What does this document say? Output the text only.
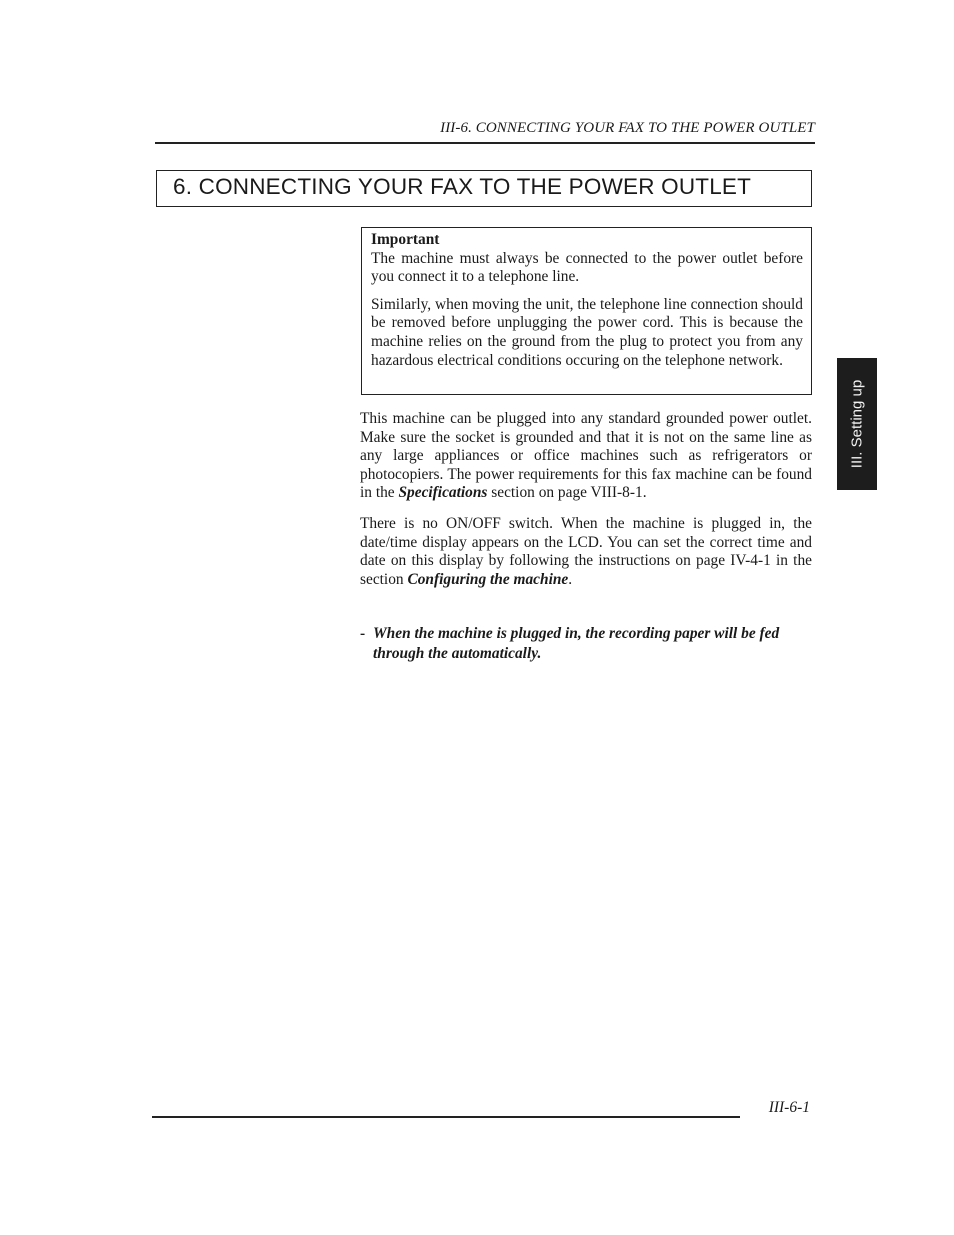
III-6. CONNECTING YOUR FAX TO THE POWER OUTLET
6. CONNECTING YOUR FAX TO THE POWER OUTLET
Important

The machine must always be connected to the power outlet before you connect it to a telephone line.

Similarly, when moving the unit, the telephone line connection should be removed before unplugging the power cord. This is because the machine relies on the ground from the plug to protect you from any hazardous electrical conditions occuring on the telephone network.

This machine can be plugged into any standard grounded power outlet. Make sure the socket is grounded and that it is not on the same line as any large appliances or office machines such as refrigerators or photocopiers. The power requirements for this fax machine can be found in the Specifications section on page VIII-8-1.

There is no ON/OFF switch. When the machine is plugged in, the date/time display appears on the LCD. You can set the correct time and date on this display by following the instructions on page IV-4-1 in the section Configuring the machine.

- When the machine is plugged in, the recording paper will be fed through the automatically.
III. Setting up
III-6-1
